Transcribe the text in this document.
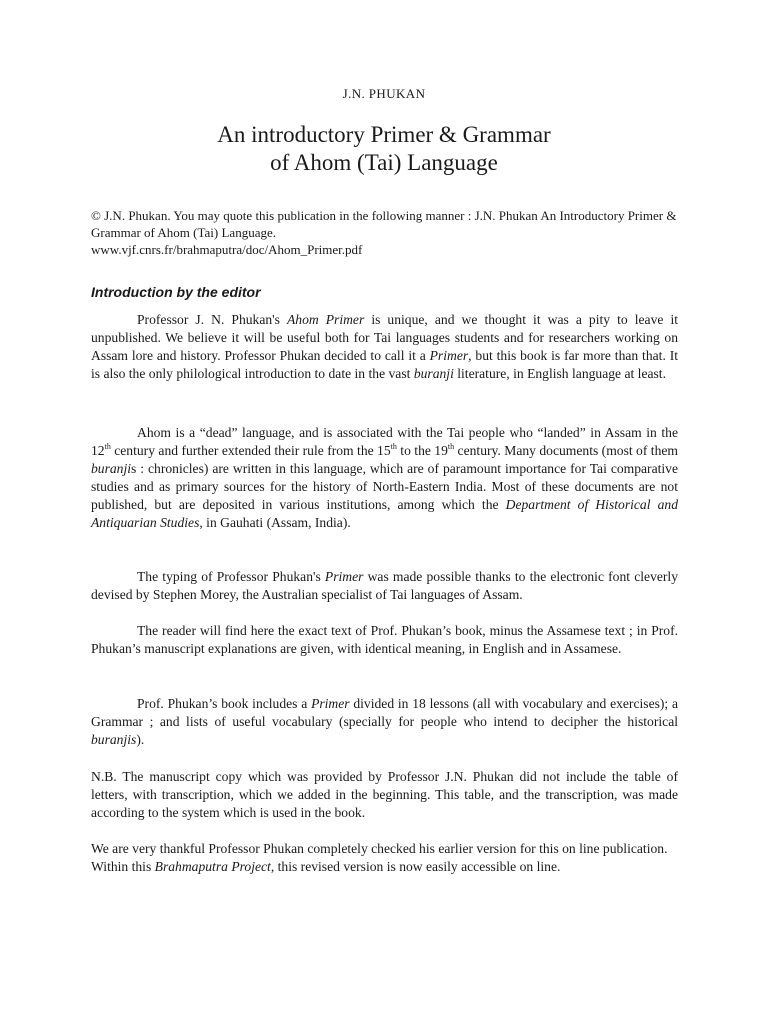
J.N. PHUKAN
An introductory Primer & Grammar
of Ahom (Tai) Language
© J.N. Phukan. You may quote this publication in the following manner : J.N. Phukan An Introductory Primer & Grammar of Ahom (Tai) Language.
www.vjf.cnrs.fr/brahmaputra/doc/Ahom_Primer.pdf
Introduction by the editor

Professor J. N. Phukan's Ahom Primer is unique, and we thought it was a pity to leave it unpublished. We believe it will be useful both for Tai languages students and for researchers working on Assam lore and history. Professor Phukan decided to call it a Primer, but this book is far more than that. It is also the only philological introduction to date in the vast buranji literature, in English language at least.

Ahom is a “dead” language, and is associated with the Tai people who “landed” in Assam in the 12th century and further extended their rule from the 15th to the 19th century. Many documents (most of them buranjis : chronicles) are written in this language, which are of paramount importance for Tai comparative studies and as primary sources for the history of North-Eastern India. Most of these documents are not published, but are deposited in various institutions, among which the Department of Historical and Antiquarian Studies, in Gauhati (Assam, India).

The typing of Professor Phukan's Primer was made possible thanks to the electronic font cleverly devised by Stephen Morey, the Australian specialist of Tai languages of Assam.

The reader will find here the exact text of Prof. Phukan’s book, minus the Assamese text ; in Prof. Phukan’s manuscript explanations are given, with identical meaning, in English and in Assamese.

Prof. Phukan’s book includes a Primer divided in 18 lessons (all with vocabulary and exercises); a Grammar ; and lists of useful vocabulary (specially for people who intend to decipher the historical buranjis).

N.B. The manuscript copy which was provided by Professor J.N. Phukan did not include the table of letters, with transcription, which we added in the beginning. This table, and the transcription, was made according to the system which is used in the book.

We are very thankful Professor Phukan completely checked his earlier version for this on line publication.
Within this Brahmaputra Project, this revised version is now easily accessible on line.
